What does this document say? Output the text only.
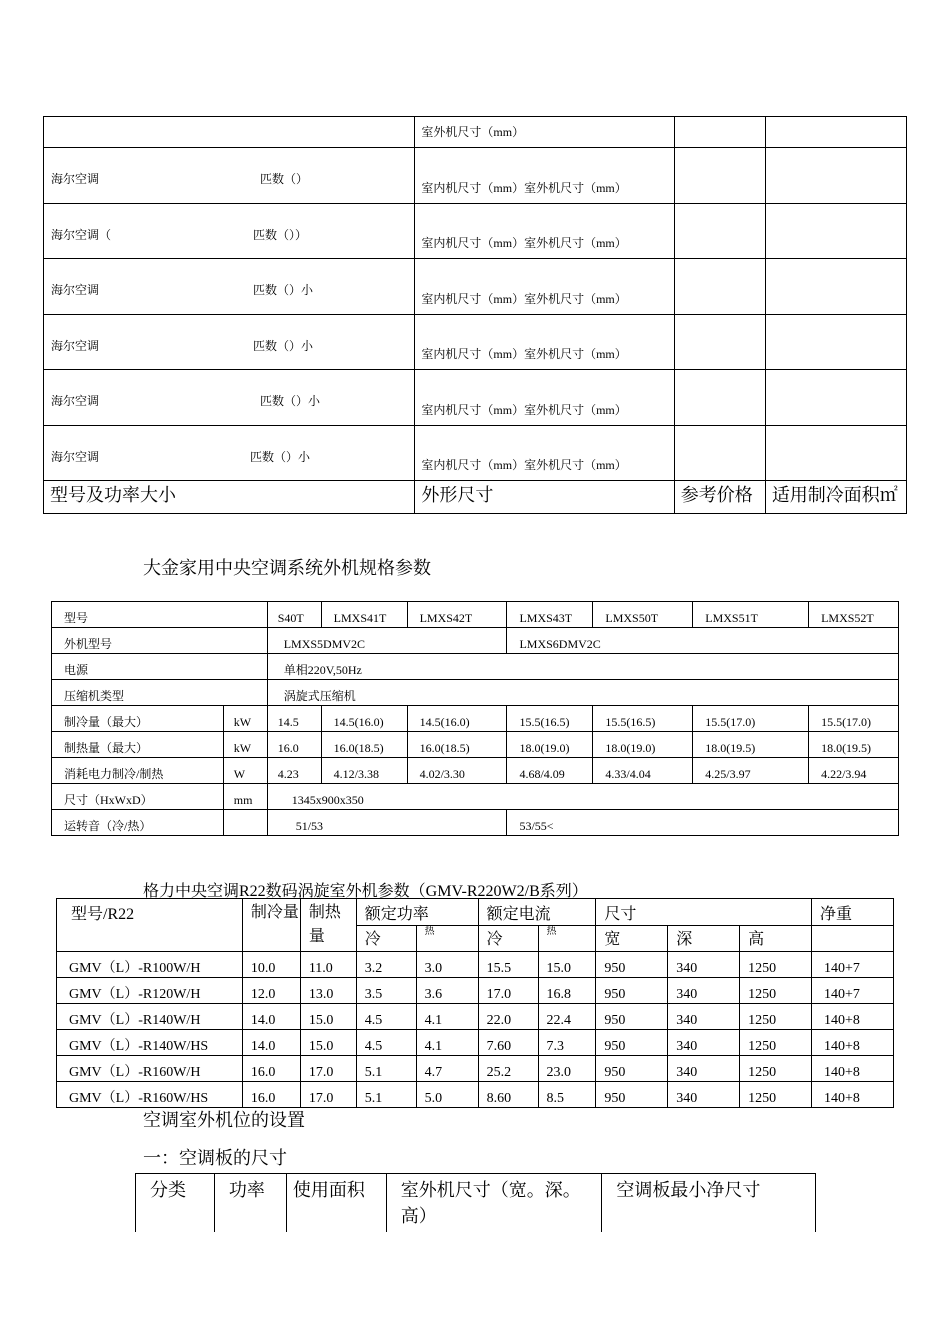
	室外机尺寸（mm）		

海尔空调 匹数（）	室内机尺寸（mm）室外机尺寸（mm）		

海尔空调（ 匹数（））	室内机尺寸（mm）室外机尺寸（mm）		

海尔空调 匹数（）小	室内机尺寸（mm）室外机尺寸（mm）		

海尔空调 匹数（）小	室内机尺寸（mm）室外机尺寸（mm）		

海尔空调 匹数（）小	室内机尺寸（mm）室外机尺寸（mm）		

海尔空调 匹数（）小	室内机尺寸（mm）室外机尺寸（mm）		

型号及功率大小	外形尺寸	参考价格	适用制冷面积㎡
大金家用中央空调系统外机规格参数
型号		S40T	LMXS41T	LMXS42T	LMXS43T	LMXS50T	LMXS51T	LMXS52T
外机型号		LMXS5DMV2C			LMXS6DMV2C			
电源		单相220V,50Hz						
压缩机类型		涡旋式压缩机						
制冷量（最大）	kW	14.5	14.5(16.0)	14.5(16.0)	15.5(16.5)	15.5(16.5)	15.5(17.0)	15.5(17.0)
制热量（最大）	kW	16.0	16.0(18.5)	16.0(18.5)	18.0(19.0)	18.0(19.0)	18.0(19.5)	18.0(19.5)
消耗电力制冷/制热	W	4.23	4.12/3.38	4.02/3.30	4.68/4.09	4.33/4.04	4.25/3.97	4.22/3.94
尺寸（HxWxD）	mm	1345x900x350						
运转音（冷/热）		51/53			53/55<			
格力中央空调R22数码涡旋室外机参数（GMV-R220W2/B系列）
型号/R22	制冷量	制热量	额定功率		额定电流		尺寸			净重
			冷	热	冷	热	宽	深	高	
GMV（L）-R100W/H	10.0	11.0	3.2	3.0	15.5	15.0	950	340	1250	140+7
GMV（L）-R120W/H	12.0	13.0	3.5	3.6	17.0	16.8	950	340	1250	140+7
GMV（L）-R140W/H	14.0	15.0	4.5	4.1	22.0	22.4	950	340	1250	140+8
GMV（L）-R140W/HS	14.0	15.0	4.5	4.1	7.60	7.3	950	340	1250	140+8
GMV（L）-R160W/H	16.0	17.0	5.1	4.7	25.2	23.0	950	340	1250	140+8
GMV（L）-R160W/HS	16.0	17.0	5.1	5.0	8.60	8.5	950	340	1250	140+8
空调室外机位的设置
一：空调板的尺寸
分类	功率	使用面积	室外机尺寸（宽。深。高）	空调板最小净尺寸
